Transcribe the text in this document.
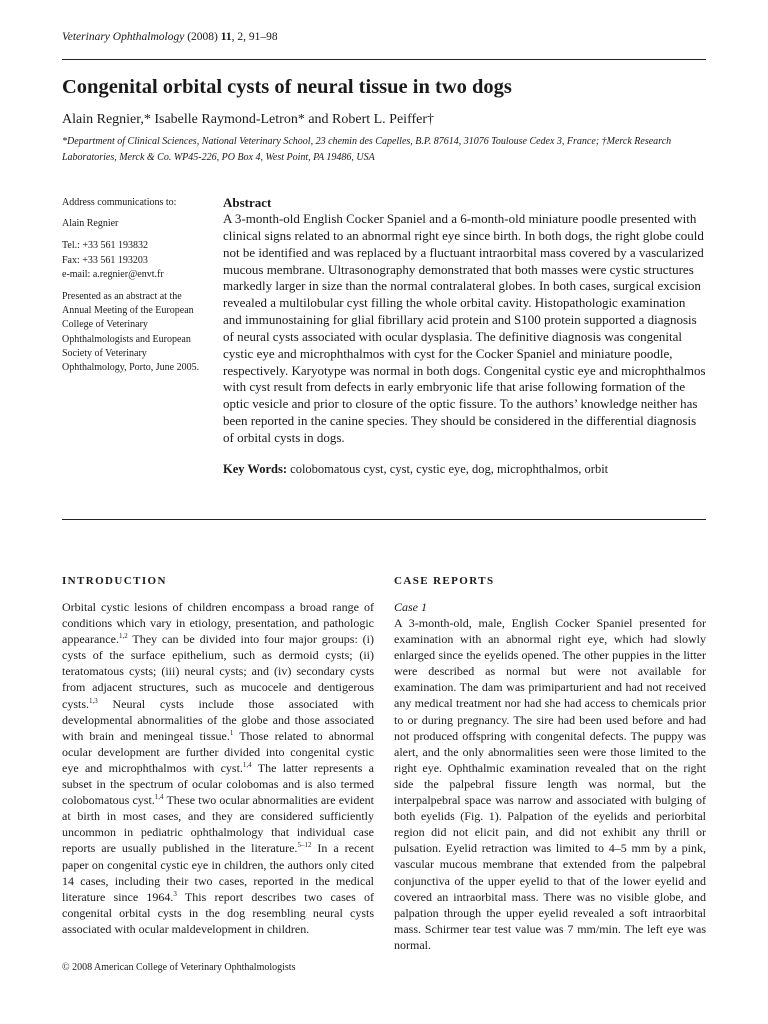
Veterinary Ophthalmology (2008) 11, 2, 91–98
Congenital orbital cysts of neural tissue in two dogs
Alain Regnier,* Isabelle Raymond-Letron* and Robert L. Peiffer†
*Department of Clinical Sciences, National Veterinary School, 23 chemin des Capelles, B.P. 87614, 31076 Toulouse Cedex 3, France; †Merck Research Laboratories, Merck & Co. WP45-226, PO Box 4, West Point, PA 19486, USA

Address communications to:

Alain Regnier

Tel.: +33 561 193832
Fax: +33 561 193203
e-mail: a.regnier@envt.fr

Presented as an abstract at the Annual Meeting of the European College of Veterinary Ophthalmologists and European Society of Veterinary Ophthalmology, Porto, June 2005.

Abstract

A 3-month-old English Cocker Spaniel and a 6-month-old miniature poodle presented with clinical signs related to an abnormal right eye since birth. In both dogs, the right globe could not be identified and was replaced by a fluctuant intraorbital mass covered by a vascularized mucous membrane. Ultrasonography demonstrated that both masses were cystic structures markedly larger in size than the normal contralateral globes. In both cases, surgical excision revealed a multilobular cyst filling the whole orbital cavity. Histopathologic examination and immunostaining for glial fibrillary acid protein and S100 protein supported a diagnosis of neural cysts associated with ocular dysplasia. The definitive diagnosis was congenital cystic eye and microphthalmos with cyst for the Cocker Spaniel and miniature poodle, respectively. Karyotype was normal in both dogs. Congenital cystic eye and microphthalmos with cyst result from defects in early embryonic life that arise following formation of the optic vesicle and prior to closure of the optic fissure. To the authors’ knowledge neither has been reported in the canine species. They should be considered in the differential diagnosis of orbital cysts in dogs.

Key Words: colobomatous cyst, cyst, cystic eye, dog, microphthalmos, orbit
INTRODUCTION

Orbital cystic lesions of children encompass a broad range of conditions which vary in etiology, presentation, and pathologic appearance.$^{1,2}$ They can be divided into four major groups: (i) cysts of the surface epithelium, such as dermoid cysts; (ii) teratomatous cysts; (iii) neural cysts; and (iv) secondary cysts from adjacent structures, such as mucocele and dentigerous cysts.$^{1,3}$ Neural cysts include those associated with developmental abnormalities of the globe and those associated with brain and meningeal tissue.$^1$ Those related to abnormal ocular development are further divided into congenital cystic eye and microphthalmos with cyst.$^{1,4}$ The latter represents a subset in the spectrum of ocular colobomas and is also termed colobomatous cyst.$^{1,4}$ These two ocular abnormalities are evident at birth in most cases, and they are considered sufficiently uncommon in pediatric ophthalmology that individual case reports are usually published in the literature.$^{5-12}$ In a recent paper on congenital cystic eye in children, the authors only cited 14 cases, including their two cases, reported in the medical literature since 1964.$^3$ This report describes two cases of congenital orbital cysts in the dog resembling neural cysts associated with ocular maldevelopment in children.

CASE REPORTS

Case 1

A 3-month-old, male, English Cocker Spaniel presented for examination with an abnormal right eye, which had slowly enlarged since the eyelids opened. The other puppies in the litter were described as normal but were not available for examination. The dam was primiparturient and had not received any medical treatment nor had she had access to chemicals prior to or during pregnancy. The sire had been used before and had not produced offspring with congenital defects. The puppy was alert, and the only abnormalities seen were those limited to the right eye. Ophthalmic examination revealed that on the right side the palpebral fissure length was normal, but the interpalpebral space was narrow and associated with bulging of both eyelids (Fig. 1). Palpation of the eyelids and periorbital region did not elicit pain, and did not exhibit any thrill or pulsation. Eyelid retraction was limited to 4–5 mm by a pink, vascular mucous membrane that extended from the palpebral conjunctiva of the upper eyelid to that of the lower eyelid and covered an intraorbital mass. There was no visible globe, and palpation through the upper eyelid revealed a soft intraorbital mass. Schirmer tear test value was 7 mm/min. The left eye was normal.

© 2008 American College of Veterinary Ophthalmologists
